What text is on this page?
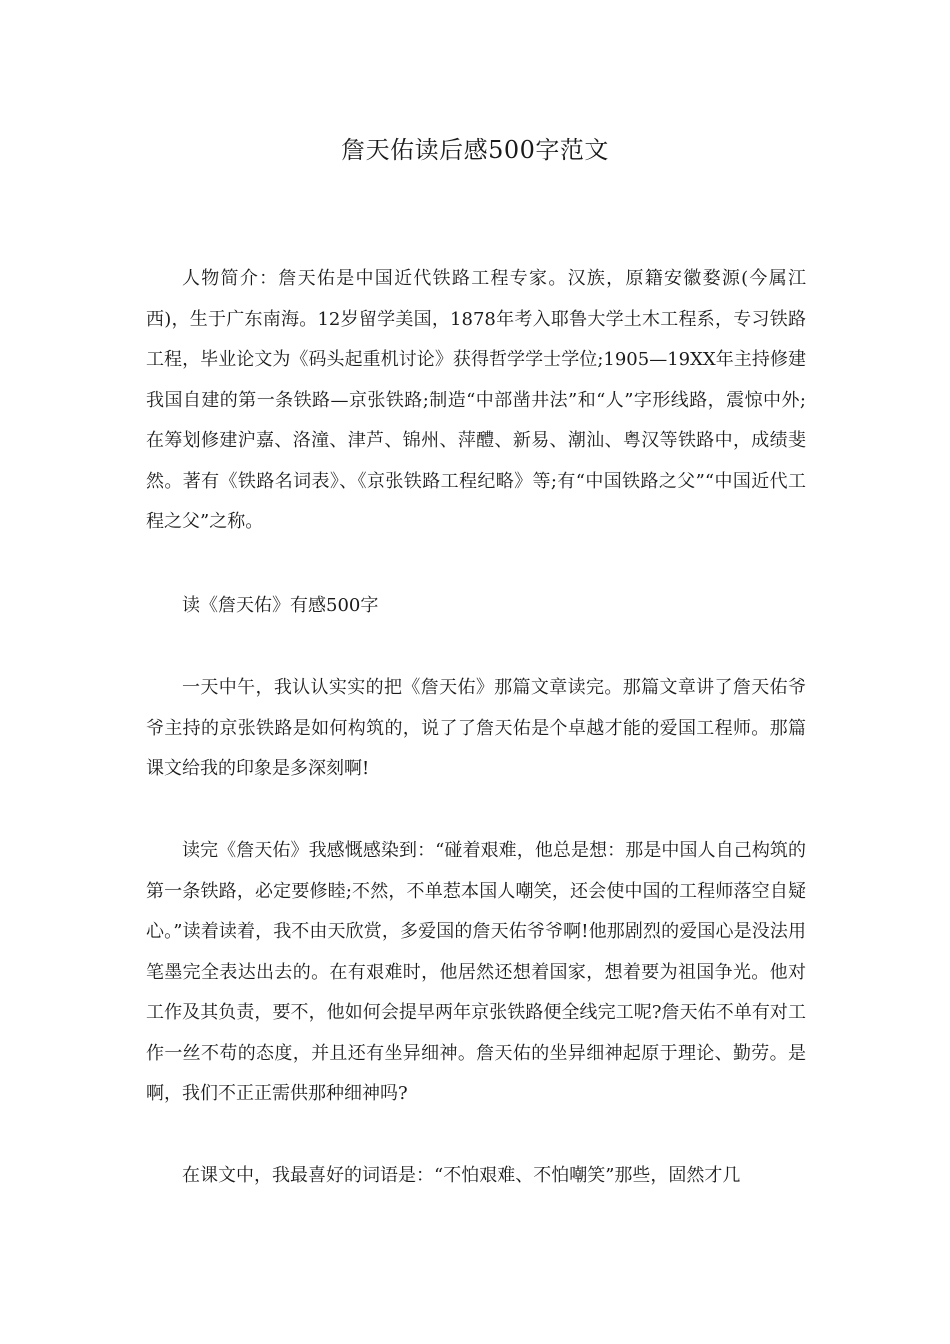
詹天佑读后感500字范文

人物简介：詹天佑是中国近代铁路工程专家。汉族，原籍安徽婺源(今属江西)，生于广东南海。12岁留学美国，1878年考入耶鲁大学土木工程系，专习铁路工程，毕业论文为《码头起重机讨论》获得哲学学士学位;1905—19XX年主持修建我国自建的第一条铁路—京张铁路;制造“中部凿井法”和“人”字形线路，震惊中外;在筹划修建沪嘉、洛潼、津芦、锦州、萍醴、新易、潮汕、粤汉等铁路中，成绩斐然。著有《铁路名词表》、《京张铁路工程纪略》等;有“中国铁路之父”“中国近代工程之父”之称。

读《詹天佑》有感500字

一天中午，我认认实实的把《詹天佑》那篇文章读完。那篇文章讲了詹天佑爷爷主持的京张铁路是如何构筑的，说了了詹天佑是个卓越才能的爱国工程师。那篇课文给我的印象是多深刻啊!

读完《詹天佑》我感慨感染到：“碰着艰难，他总是想：那是中国人自己构筑的第一条铁路，必定要修睦;不然，不单惹本国人嘲笑，还会使中国的工程师落空自疑心。”读着读着，我不由天欣赏，多爱国的詹天佑爷爷啊!他那剧烈的爱国心是没法用笔墨完全表达出去的。在有艰难时，他居然还想着国家，想着要为祖国争光。他对工作及其负责，要不，他如何会提早两年京张铁路便全线完工呢?詹天佑不单有对工作一丝不苟的态度，并且还有坐异细神。詹天佑的坐异细神起原于理论、勤劳。是啊，我们不正正需供那种细神吗?

在课文中，我最喜好的词语是：“不怕艰难、不怕嘲笑”那些，固然才几
